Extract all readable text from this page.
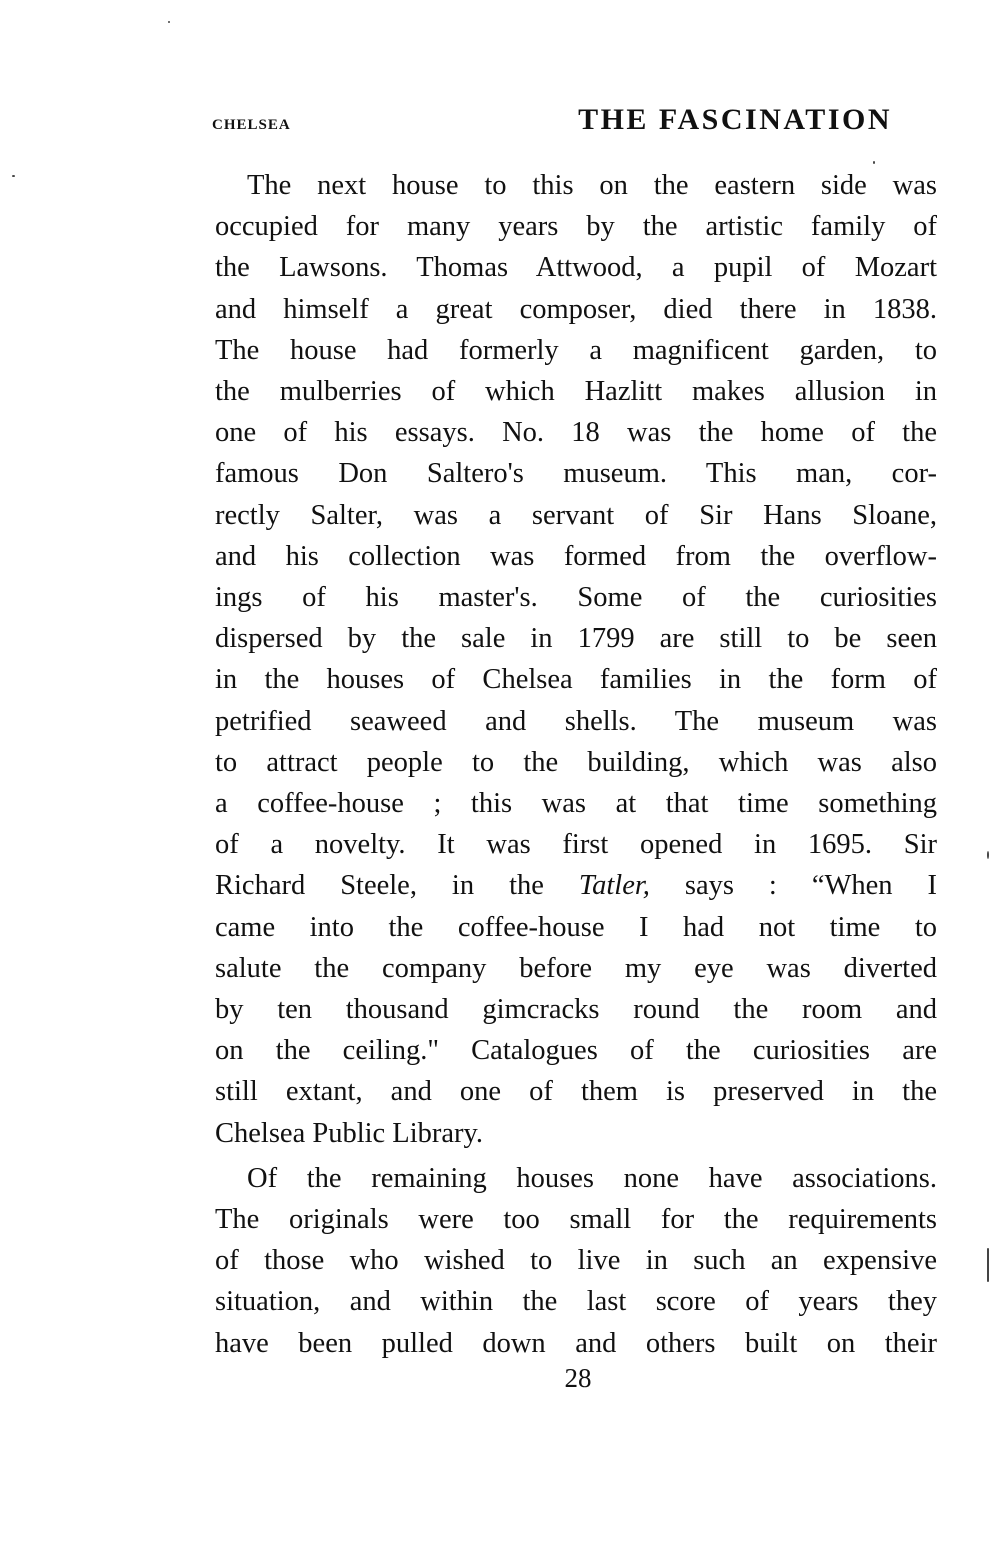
CHELSEA	THE FASCINATION

The next house to this on the eastern side was
occupied for many years by the artistic family of
the Lawsons. Thomas Attwood, a pupil of Mozart
and himself a great composer, died there in 1838.
The house had formerly a magnificent garden, to
the mulberries of which Hazlitt makes allusion in
one of his essays. No. 18 was the home of the
famous Don Saltero's museum. This man, cor-
rectly Salter, was a servant of Sir Hans Sloane,
and his collection was formed from the overflow-
ings of his master's. Some of the curiosities
dispersed by the sale in 1799 are still to be seen
in the houses of Chelsea families in the form of
petrified seaweed and shells. The museum was
to attract people to the building, which was also
a coffee-house ; this was at that time something
of a novelty. It was first opened in 1695. Sir
Richard Steele, in the Tatler, says : “When I
came into the coffee-house I had not time to
salute the company before my eye was diverted
by ten thousand gimcracks round the room and
on the ceiling." Catalogues of the curiosities are
still extant, and one of them is preserved in the
Chelsea Public Library.

Of the remaining houses none have associations.
The originals were too small for the requirements
of those who wished to live in such an expensive
situation, and within the last score of years they
have been pulled down and others built on their

28
